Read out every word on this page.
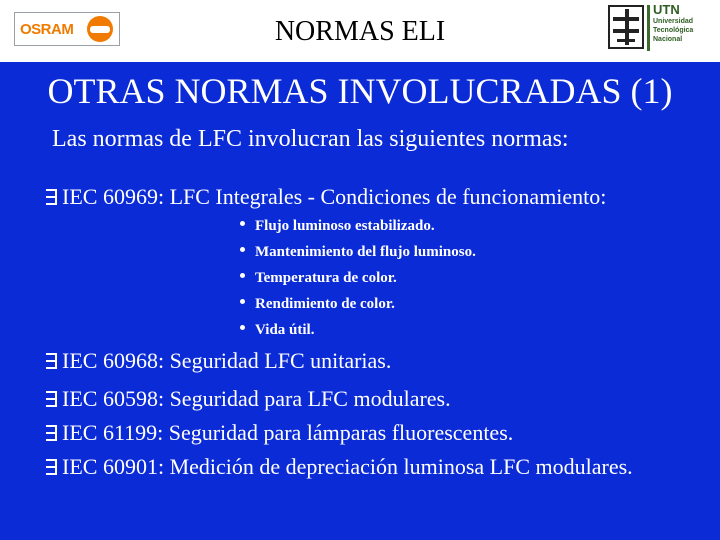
OSRAM	NORMAS ELI
UTN
Universidad
Tecnológica
Nacional
OTRAS NORMAS INVOLUCRADAS (1)
Las normas de LFC involucran las siguientes normas:
IEC 60969: LFC Integrales - Condiciones de funcionamiento:
Flujo luminoso estabilizado.
Mantenimiento del flujo luminoso.
Temperatura de color.
Rendimiento de color.
Vida útil.
IEC 60968: Seguridad LFC unitarias.
IEC 60598: Seguridad para LFC modulares.
IEC 61199: Seguridad para lámparas fluorescentes.
IEC 60901: Medición de depreciación luminosa LFC modulares.
